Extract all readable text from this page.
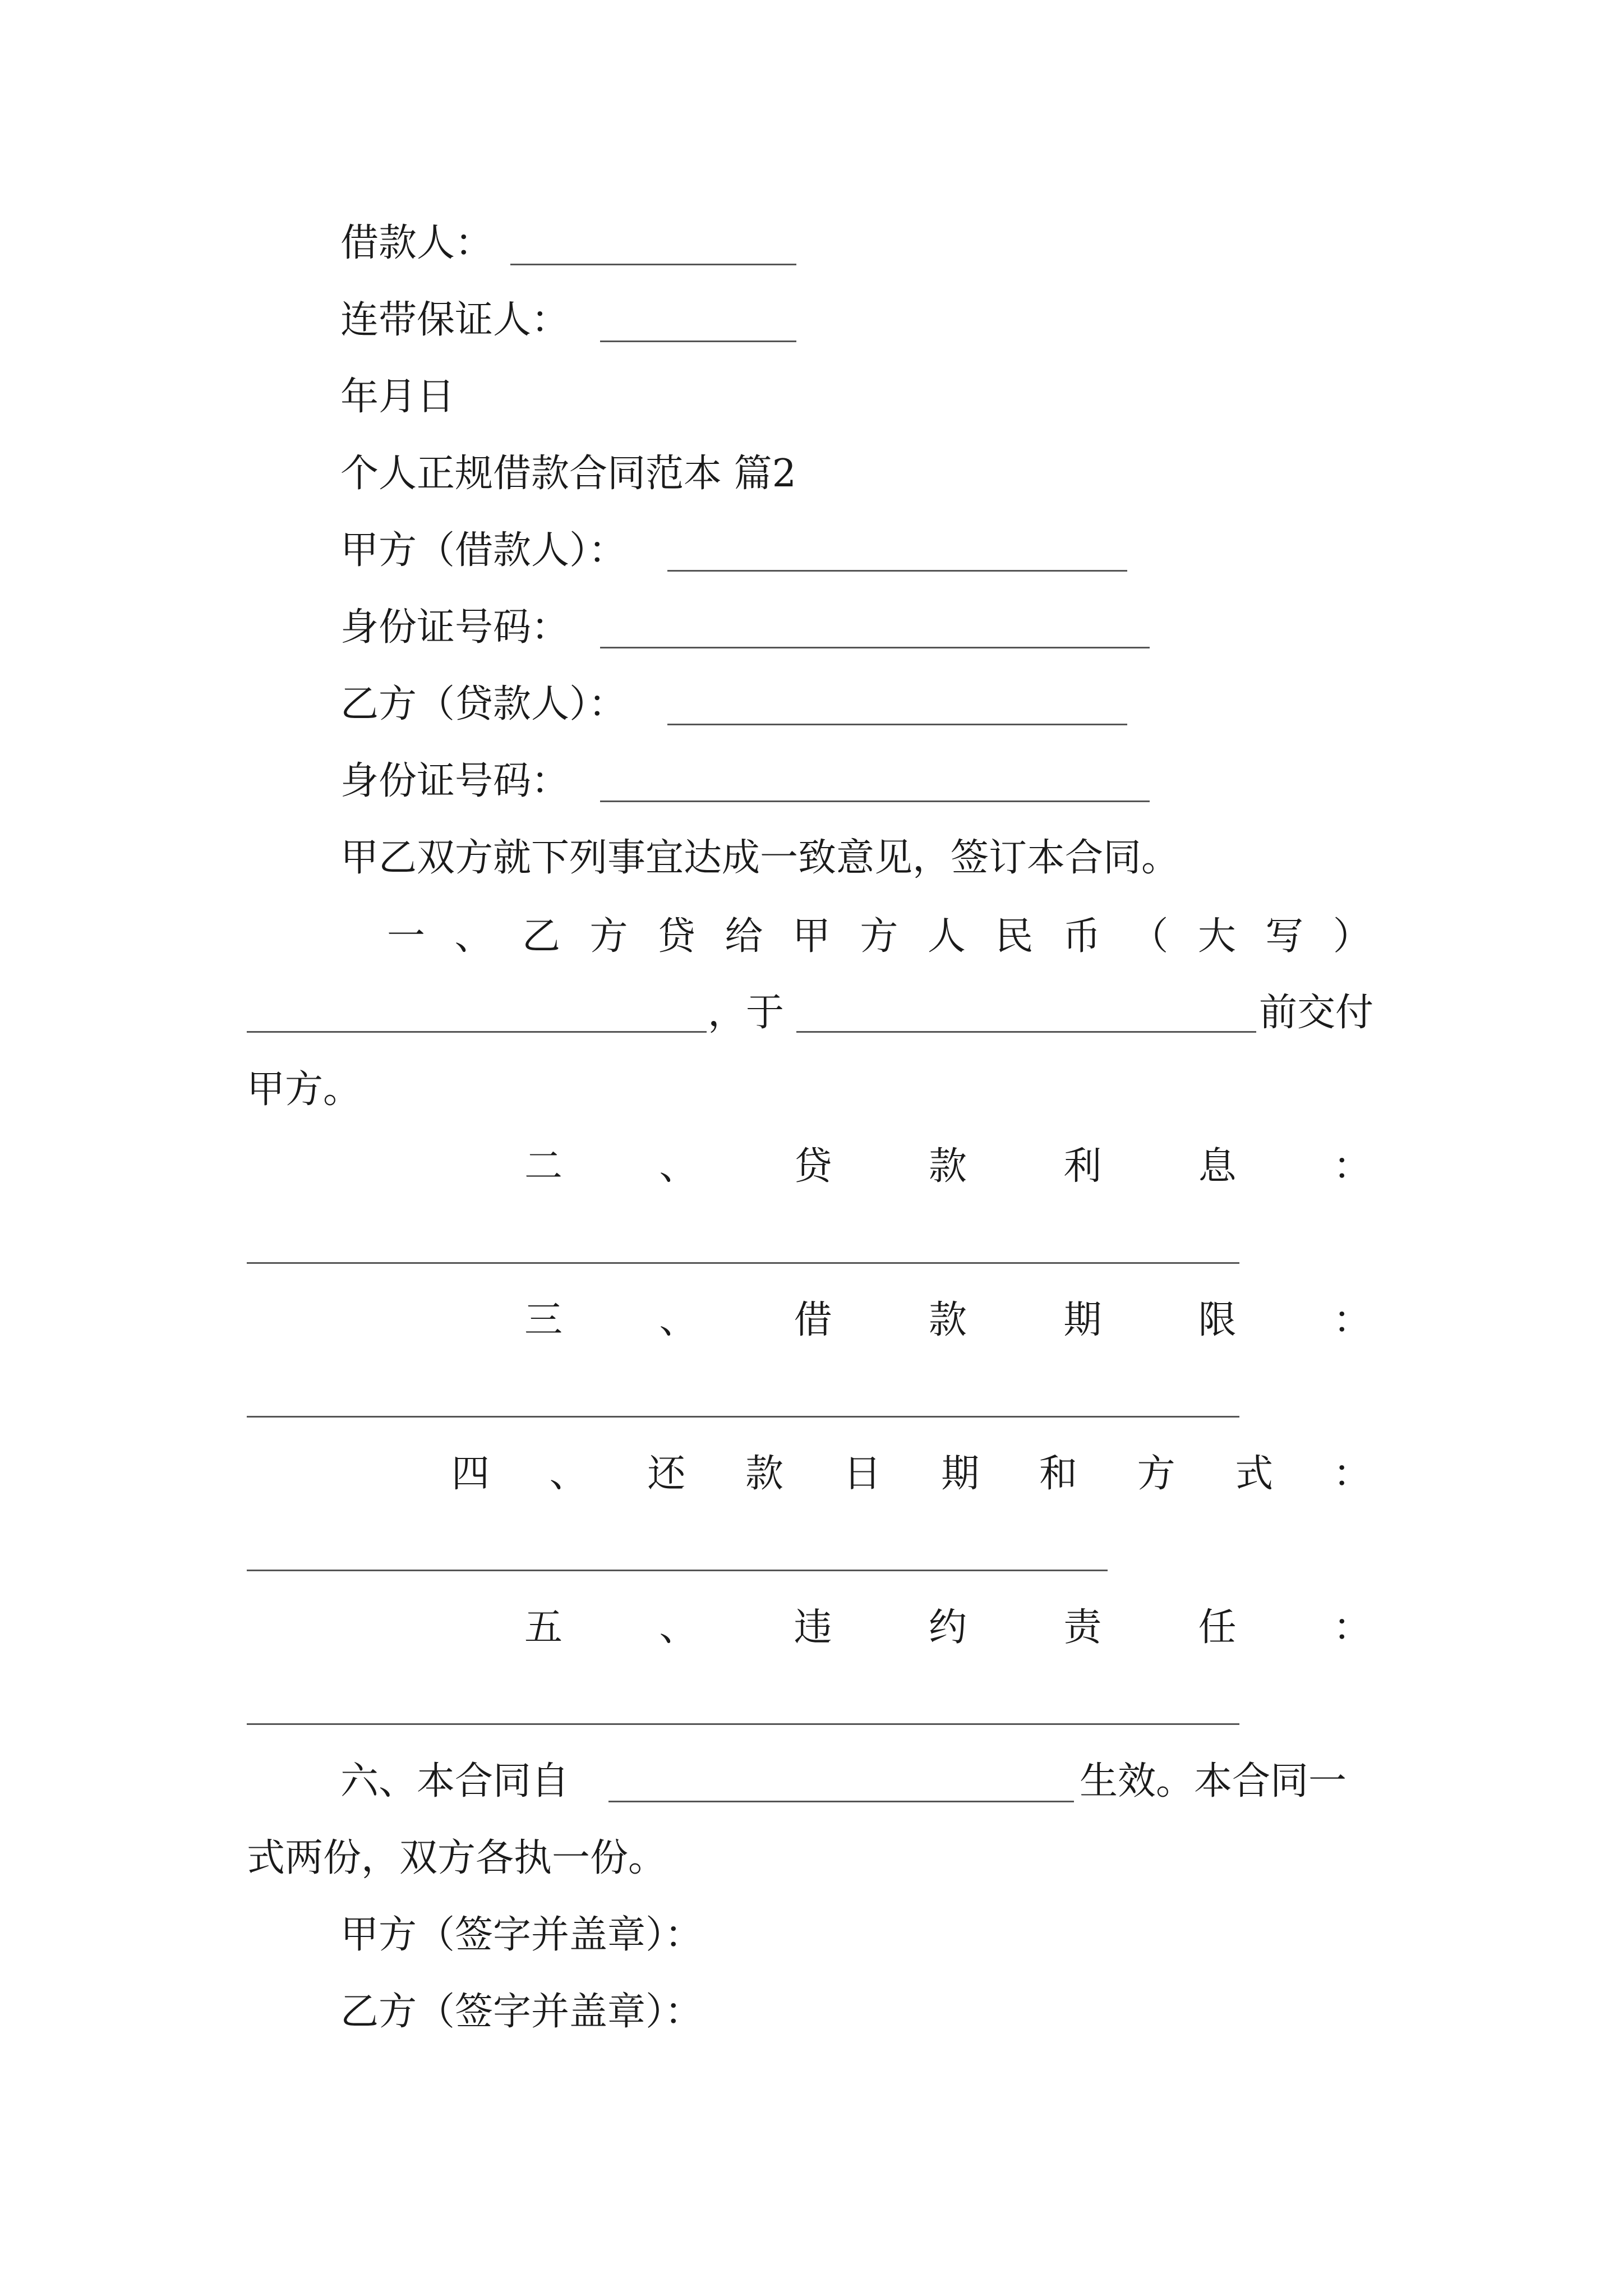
借款人：
连带保证人：
年月日
个人正规借款合同范本 篇2
甲方（借款人）：
身份证号码：
乙方（贷款人）：
身份证号码：
甲乙双方就下列事宜达成一致意见，签订本合同。
一 、 乙 方 贷 给 甲 方 人 民 币 （ 大 写 ）
，于	前交付
甲方。
二	、	贷	款	利	息	：
三	、	借	款	期	限	：
四 、 还 款 日 期 和 方 式 ：
五	、	违	约	责	任	：
六、本合同自	生效。本合同一
式两份，双方各执一份。
甲方（签字并盖章）：
乙方（签字并盖章）：
